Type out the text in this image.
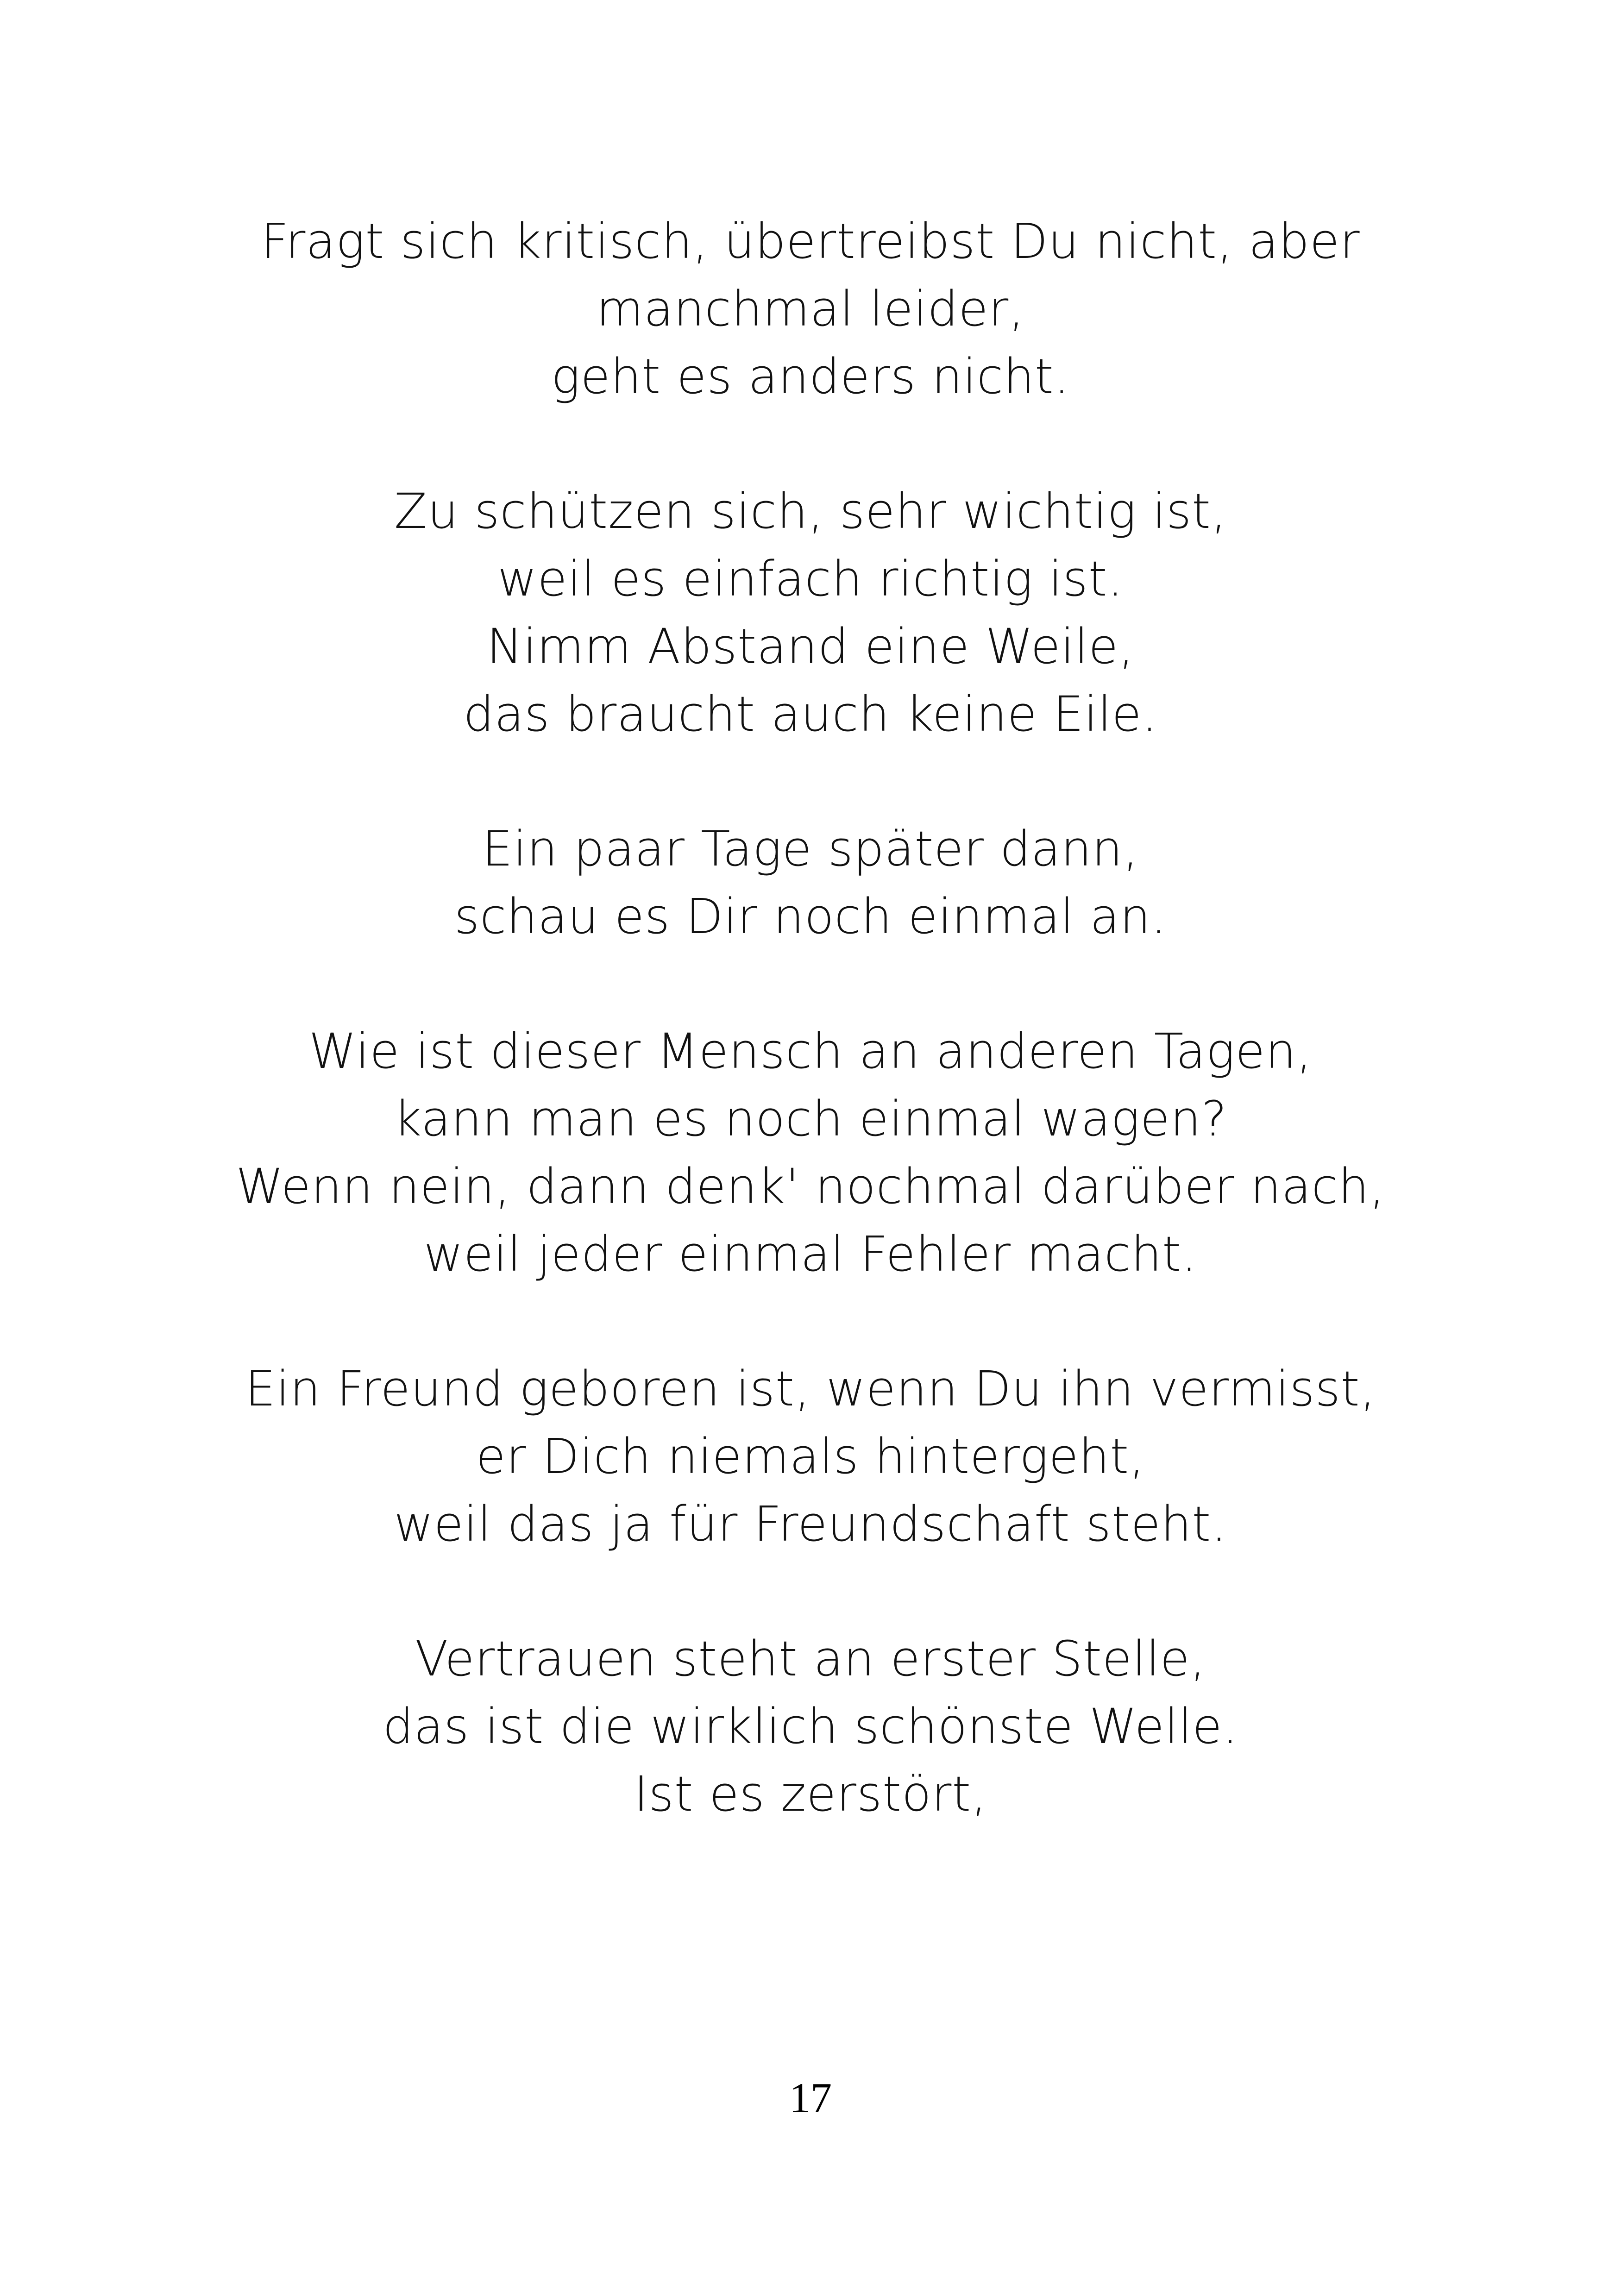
Fragt sich kritisch, übertreibst Du nicht, aber
manchmal leider,
geht es anders nicht.
Zu schützen sich, sehr wichtig ist,
weil es einfach richtig ist.
Nimm Abstand eine Weile,
das braucht auch keine Eile.
Ein paar Tage später dann,
schau es Dir noch einmal an.
Wie ist dieser Mensch an anderen Tagen,
kann man es noch einmal wagen?
Wenn nein, dann denk' nochmal darüber nach,
weil jeder einmal Fehler macht.
Ein Freund geboren ist, wenn Du ihn vermisst,
er Dich niemals hintergeht,
weil das ja für Freundschaft steht.
Vertrauen steht an erster Stelle,
das ist die wirklich schönste Welle.
Ist es zerstört,
17
